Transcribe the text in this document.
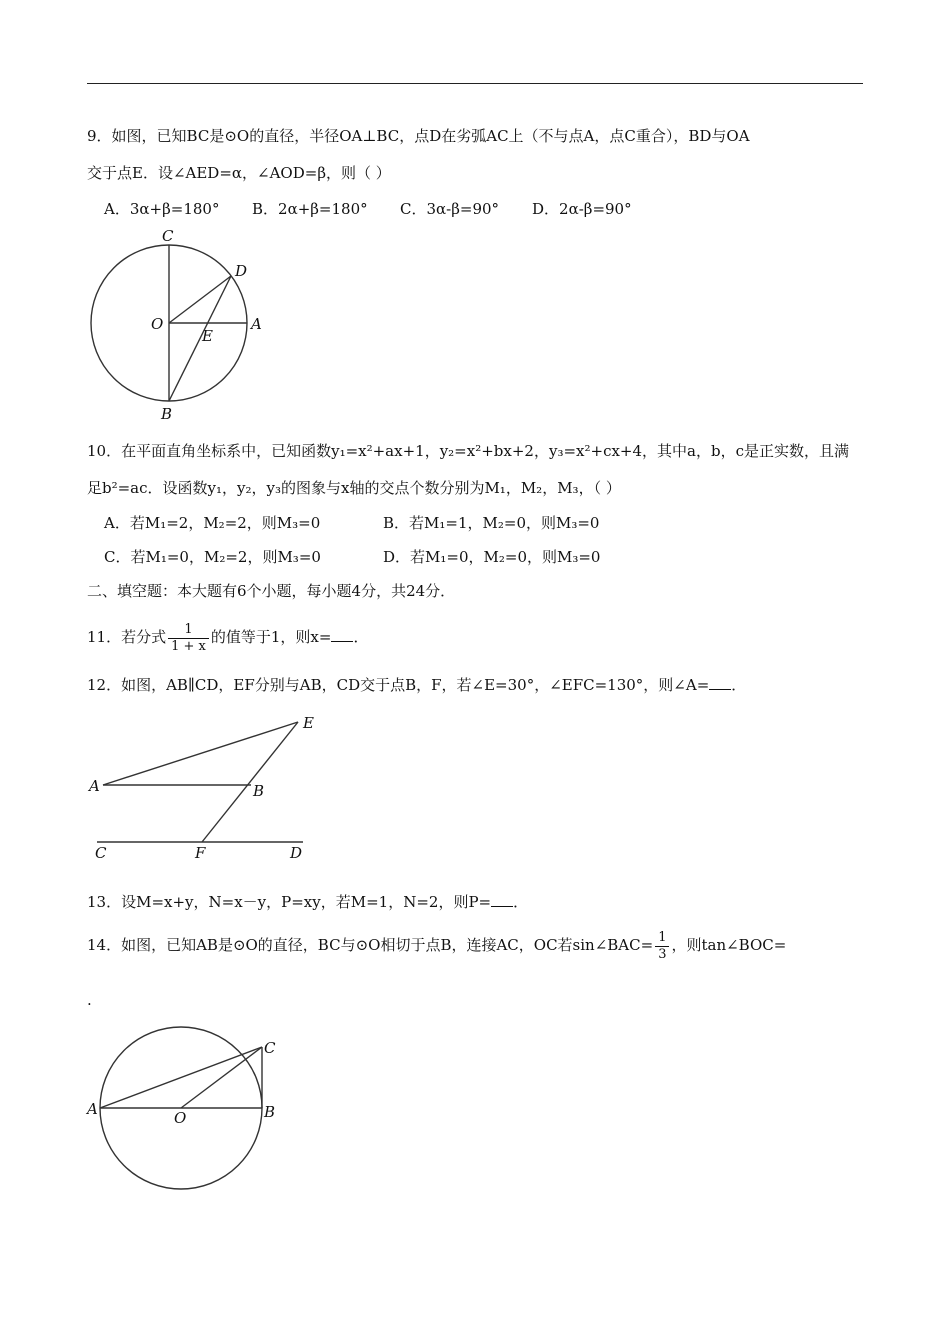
9．如图，已知BC是⊙O的直径，半径OA⊥BC，点D在劣弧AC上（不与点A，点C重合），BD与OA
交于点E．设∠AED=α，∠AOD=β，则（ ）
A．3α+β=180° B．2α+β=180° C．3α-β=90° D．2α-β=90°
C
D
O
E
A
B
10．在平面直角坐标系中，已知函数y₁=x²+ax+1，y₂=x²+bx+2，y₃=x²+cx+4，其中a，b，c是正实数，且满
足b²=ac．设函数y₁，y₂，y₃的图象与x轴的交点个数分别为M₁，M₂，M₃，（ ）
A．若M₁=2，M₂=2，则M₃=0	B．若M₁=1，M₂=0，则M₃=0
C．若M₁=0，M₂=2，则M₃=0	D．若M₁=0，M₂=0，则M₃=0
二、填空题：本大题有6个小题，每小题4分，共24分．
11．若分式 $\frac{1}{1 + x}$ 的值等于1，则x= ．
12．如图，AB∥CD，EF分别与AB，CD交于点B，F，若∠E=30°，∠EFC=130°，则∠A= ．
E
A	B
C	F	D
13．设M=x+y，N=x－y，P=xy，若M=1，N=2，则P= ．
14．如图，已知AB是⊙O的直径，BC与⊙O相切于点B，连接AC，OC若sin∠BAC= $\frac{1}{3}$ ，则tan∠BOC=
.
C
A	O	B
